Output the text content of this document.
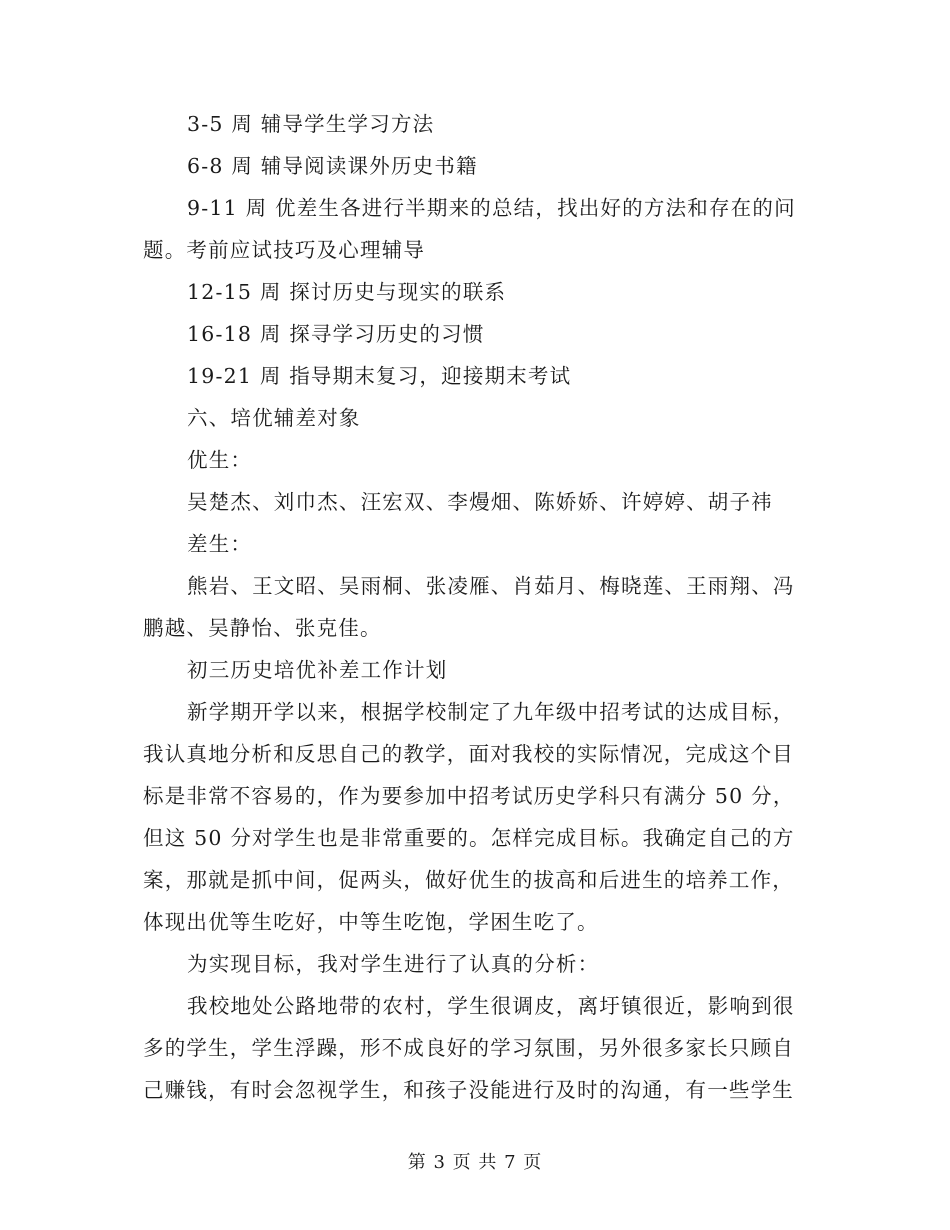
3-5 周 辅导学生学习方法

6-8 周 辅导阅读课外历史书籍

9-11 周 优差生各进行半期来的总结，找出好的方法和存在的问题。考前应试技巧及心理辅导

12-15 周 探讨历史与现实的联系

16-18 周 探寻学习历史的习惯

19-21 周 指导期末复习，迎接期末考试

六、培优辅差对象

优生：

吴楚杰、刘巾杰、汪宏双、李熳畑、陈娇娇、许婷婷、胡子祎

差生：

熊岩、王文昭、吴雨桐、张凌雁、肖茹月、梅晓莲、王雨翔、冯鹏越、吴静怡、张克佳。

初三历史培优补差工作计划

新学期开学以来，根据学校制定了九年级中招考试的达成目标，我认真地分析和反思自己的教学，面对我校的实际情况，完成这个目标是非常不容易的，作为要参加中招考试历史学科只有满分 50 分，但这 50 分对学生也是非常重要的。怎样完成目标。我确定自己的方案，那就是抓中间，促两头，做好优生的拔高和后进生的培养工作，体现出优等生吃好，中等生吃饱，学困生吃了。

为实现目标，我对学生进行了认真的分析：

我校地处公路地带的农村，学生很调皮，离圩镇很近，影响到很多的学生，学生浮躁，形不成良好的学习氛围，另外很多家长只顾自己赚钱，有时会忽视学生，和孩子没能进行及时的沟通，有一些学生

第 3 页 共 7 页
